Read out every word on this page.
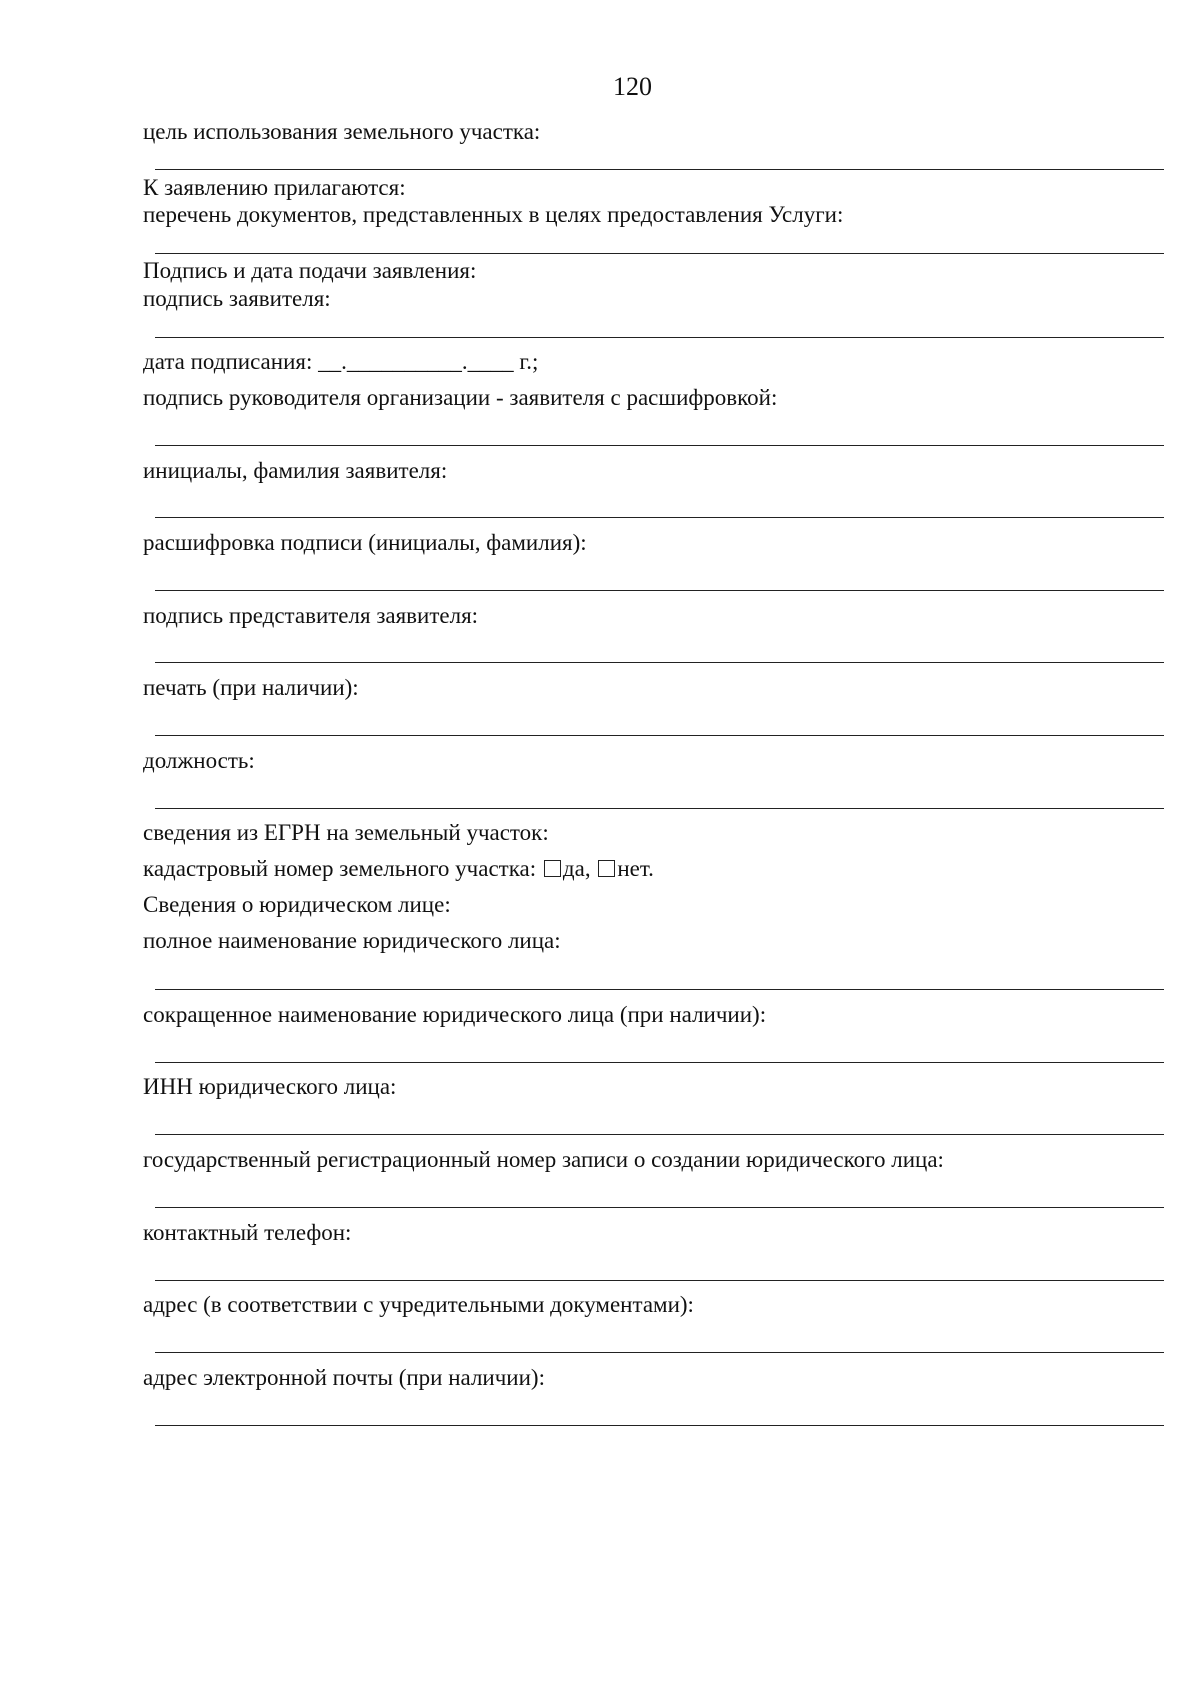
120
цель использования земельного участка:
К заявлению прилагаются:
перечень документов, представленных в целях предоставления Услуги:
Подпись и дата подачи заявления:
подпись заявителя:
дата подписания: __.__________.____ г.;
подпись руководителя организации - заявителя с расшифровкой:
инициалы, фамилия заявителя:
расшифровка подписи (инициалы, фамилия):
подпись представителя заявителя:
печать (при наличии):
должность:
сведения из ЕГРН на земельный участок:
кадастровый номер земельного участка: да, нет.
Сведения о юридическом лице:
полное наименование юридического лица:
сокращенное наименование юридического лица (при наличии):
ИНН юридического лица:
государственный регистрационный номер записи о создании юридического лица:
контактный телефон:
адрес (в соответствии с учредительными документами):
адрес электронной почты (при наличии):
